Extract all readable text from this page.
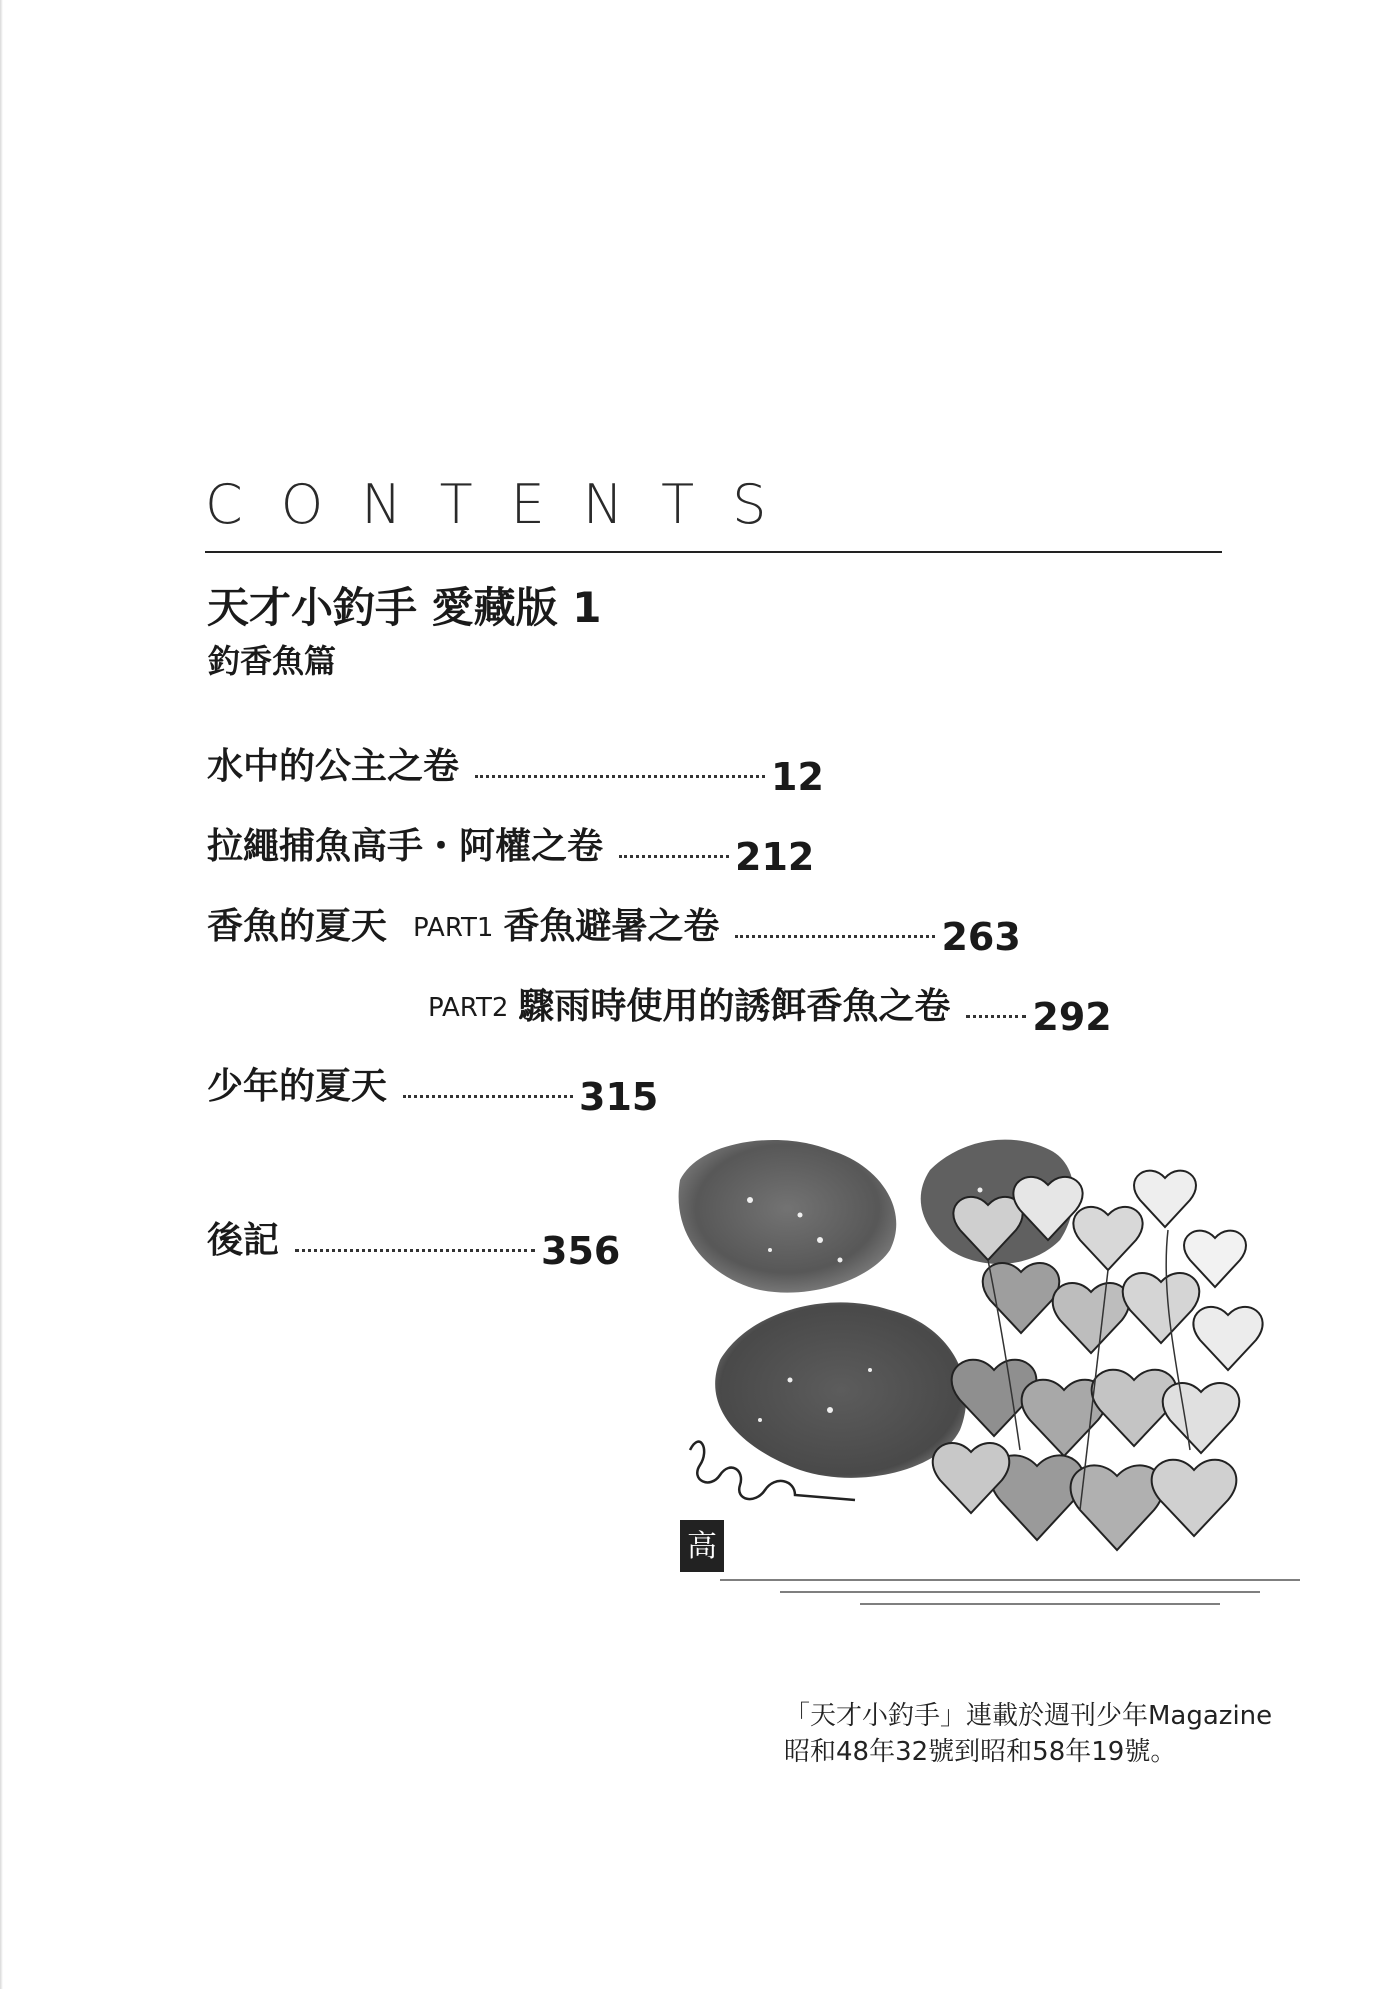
CONTENTS
天才小釣手 愛藏版 1
釣香魚篇
水中的公主之卷	12
拉繩捕魚高手・阿權之卷	212
香魚的夏天 PART1 香魚避暑之卷	263
PART2 驟雨時使用的誘餌香魚之卷 292
少年的夏天	315
後記	356
高
「天才小釣手」連載於週刊少年Magazine
昭和48年32號到昭和58年19號。
